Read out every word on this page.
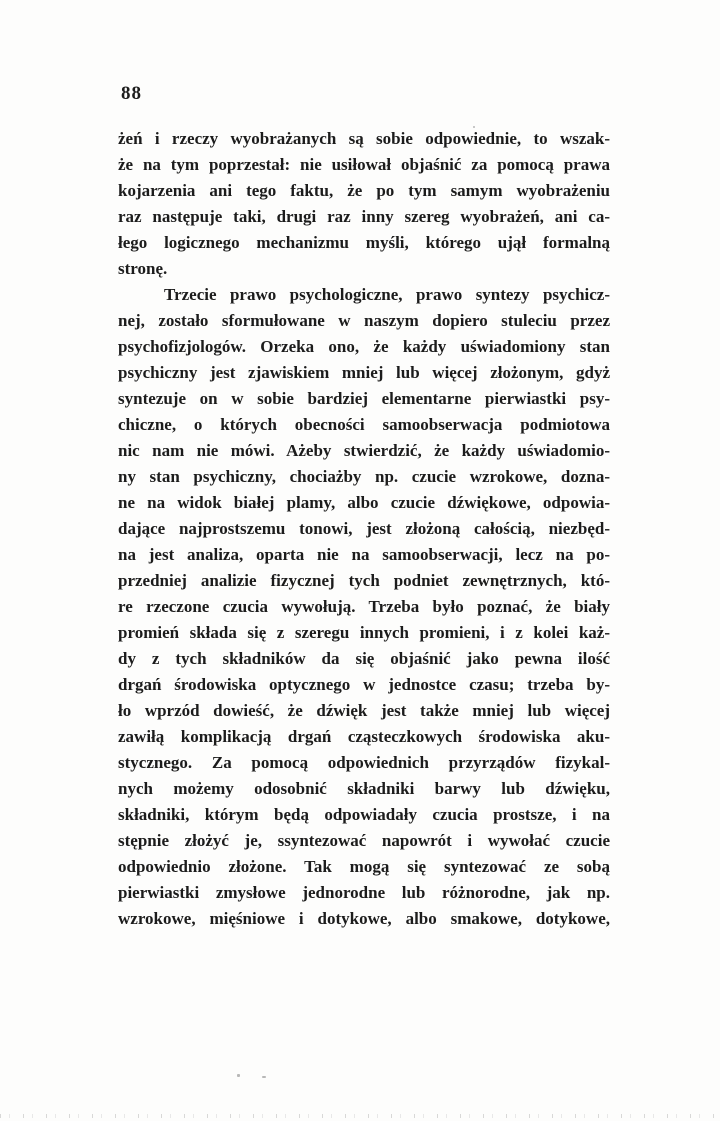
88
żeń i rzeczy wyobrażanych są sobie odpowiednie, to wszak-
że na tym poprzestał: nie usiłował objaśnić za pomocą prawa
kojarzenia ani tego faktu, że po tym samym wyobrażeniu
raz następuje taki, drugi raz inny szereg wyobrażeń, ani ca-
łego logicznego mechanizmu myśli, którego ujął formalną
stronę.
Trzecie prawo psychologiczne, prawo syntezy psychicz-
nej, zostało sformułowane w naszym dopiero stuleciu przez
psychofizjologów. Orzeka ono, że każdy uświadomiony stan
psychiczny jest zjawiskiem mniej lub więcej złożonym, gdyż
syntezuje on w sobie bardziej elementarne pierwiastki psy-
chiczne, o których obecności samoobserwacja podmiotowa
nic nam nie mówi. Ażeby stwierdzić, że każdy uświadomio-
ny stan psychiczny, chociażby np. czucie wzrokowe, dozna-
ne na widok białej plamy, albo czucie dźwiękowe, odpowia-
dające najprostszemu tonowi, jest złożoną całością, niezbęd-
na jest analiza, oparta nie na samoobserwacji, lecz na po-
przedniej analizie fizycznej tych podniet zewnętrznych, któ-
re rzeczone czucia wywołują. Trzeba było poznać, że biały
promień składa się z szeregu innych promieni, i z kolei każ-
dy z tych składników da się objaśnić jako pewna ilość
drgań środowiska optycznego w jednostce czasu; trzeba by-
ło wprzód dowieść, że dźwięk jest także mniej lub więcej
zawiłą komplikacją drgań cząsteczkowych środowiska aku-
stycznego. Za pomocą odpowiednich przyrządów fizykal-
nych możemy odosobnić składniki barwy lub dźwięku,
składniki, którym będą odpowiadały czucia prostsze, i na
stępnie złożyć je, ssyntezować napowrót i wywołać czucie
odpowiednio złożone. Tak mogą się syntezować ze sobą
pierwiastki zmysłowe jednorodne lub różnorodne, jak np.
wzrokowe, mięśniowe i dotykowe, albo smakowe, dotykowe,
